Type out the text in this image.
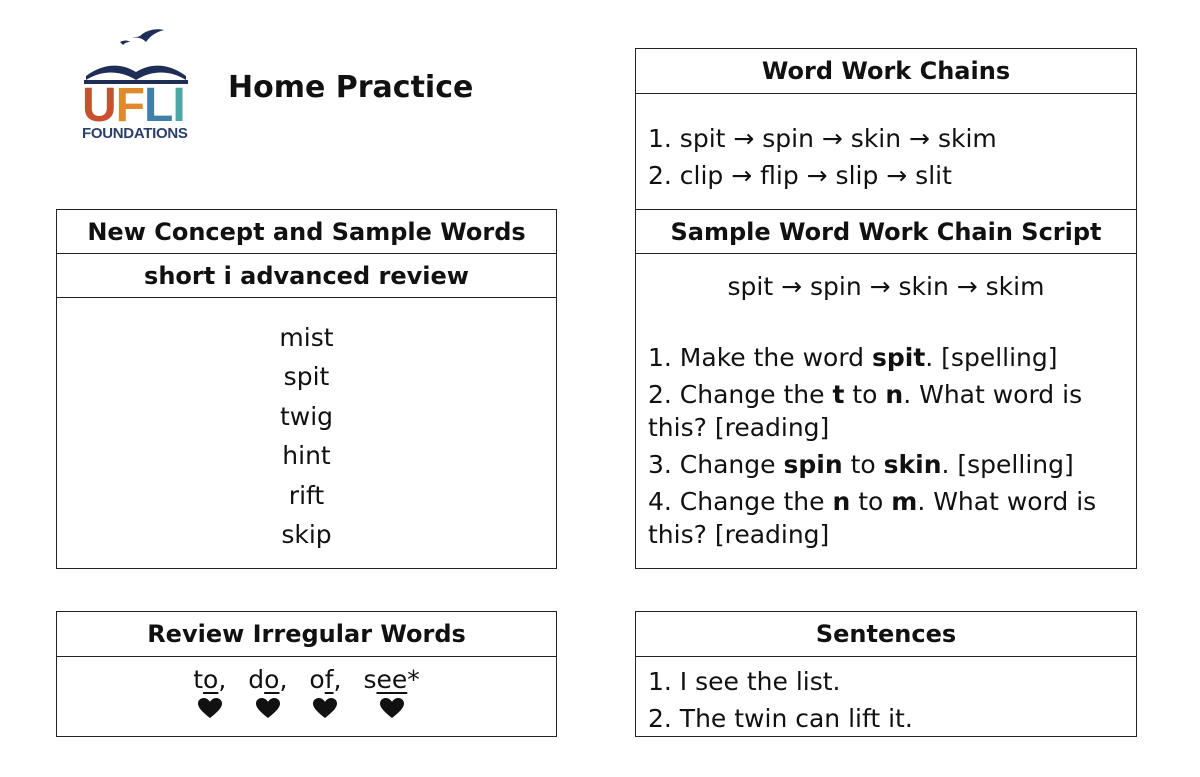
U F L I
FOUNDATIONS
Home Practice
New Concept and Sample Words
short i advanced review
mist
spit
twig
hint
rift
skip
Word Work Chains
1. spit → spin → skin → skim
2. clip → flip → slip → slit
Sample Word Work Chain Script
spit → spin → skin → skim
1. Make the word spit. [spelling]
2. Change the t to n. What word is this? [reading]
3. Change spin to skin. [spelling]
4. Change the n to m. What word is this? [reading]
Review Irregular Words
to, do, of, see*
Sentences
1. I see the list.
2. The twin can lift it.
